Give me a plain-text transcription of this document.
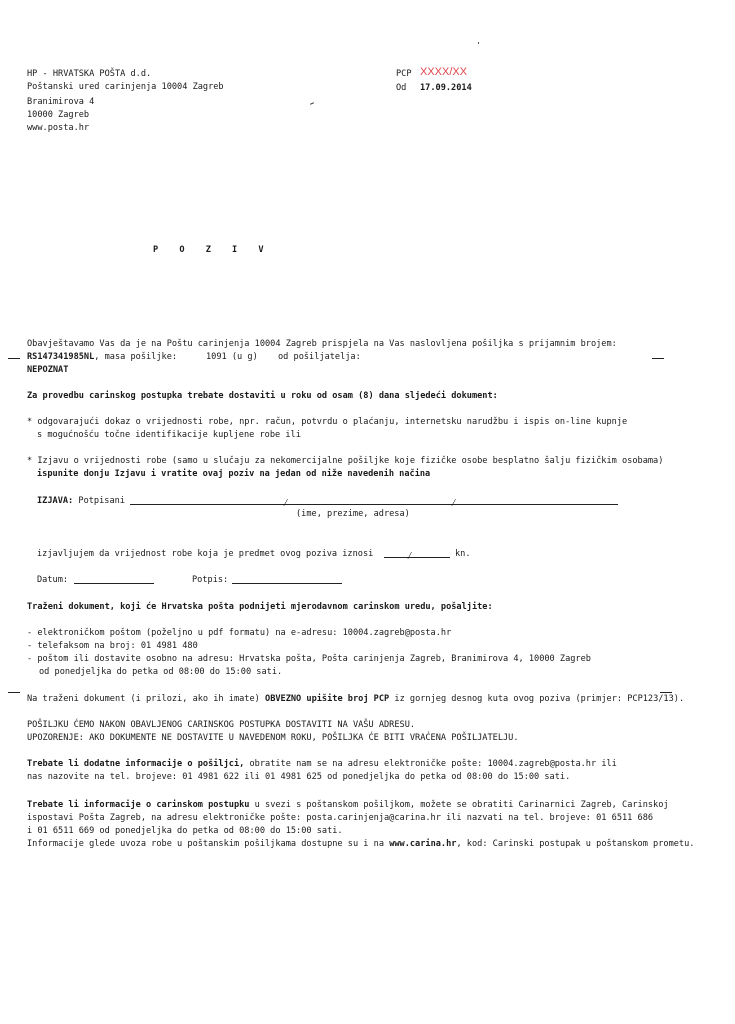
HP - HRVATSKA POŠTA d.d.
Poštanski ured carinjenja 10004 Zagreb
Branimirova 4
10000 Zagreb
www.posta.hr
PCP XXXX/XX
Od 17.09.2014
P O Z I V
Obavještavamo Vas da je na Poštu carinjenja 10004 Zagreb prispjela na Vas naslovljena pošiljka s prijamnim brojem:
RS147341985NL, masa pošiljke:	1091 (u g) od pošiljatelja:
NEPOZNAT
Za provedbu carinskog postupka trebate dostaviti u roku od osam (8) dana sljedeći dokument:
* odgovarajući dokaz o vrijednosti robe, npr. račun, potvrdu o plaćanju, internetsku narudžbu i ispis on-line kupnje
s mogućnošću točne identifikacije kupljene robe ili
* Izjavu o vrijednosti robe (samo u slučaju za nekomercijalne pošiljke koje fizičke osobe besplatno šalju fizičkim osobama)
ispunite donju Izjavu i vratite ovaj poziv na jedan od niže navedenih načina
IZJAVA: Potpisani	/	/
(ime, prezime, adresa)
izjavljujem da vrijednost robe koja je predmet ovog poziva iznosi	/	kn.
Datum:	Potpis:
Traženi dokument, koji će Hrvatska pošta podnijeti mjerodavnom carinskom uredu, pošaljite:
- elektroničkom poštom (poželjno u pdf formatu) na e-adresu: 10004.zagreb@posta.hr
- telefaksom na broj: 01 4981 480
- poštom ili dostavite osobno na adresu: Hrvatska pošta, Pošta carinjenja Zagreb, Branimirova 4, 10000 Zagreb
od ponedjeljka do petka od 08:00 do 15:00 sati.
Na traženi dokument (i prilozi, ako ih imate) OBVEZNO upišite broj PCP iz gornjeg desnog kuta ovog poziva (primjer: PCP123/13).
POŠILJKU ĆEMO NAKON OBAVLJENOG CARINSKOG POSTUPKA DOSTAVITI NA VAŠU ADRESU.
UPOZORENJE: AKO DOKUMENTE NE DOSTAVITE U NAVEDENOM ROKU, POŠILJKA ĆE BITI VRAĆENA POŠILJATELJU.
Trebate li dodatne informacije o pošiljci, obratite nam se na adresu elektroničke pošte: 10004.zagreb@posta.hr ili
nas nazovite na tel. brojeve: 01 4981 622 ili 01 4981 625 od ponedjeljka do petka od 08:00 do 15:00 sati.
Trebate li informacije o carinskom postupku u svezi s poštanskom pošiljkom, možete se obratiti Carinarnici Zagreb, Carinskoj
ispostavi Pošta Zagreb, na adresu elektroničke pošte: posta.carinjenja@carina.hr ili nazvati na tel. brojeve: 01 6511 686
i 01 6511 669 od ponedjeljka do petka od 08:00 do 15:00 sati.
Informacije glede uvoza robe u poštanskim pošiljkama dostupne su i na www.carina.hr, kod: Carinski postupak u poštanskom prometu.
